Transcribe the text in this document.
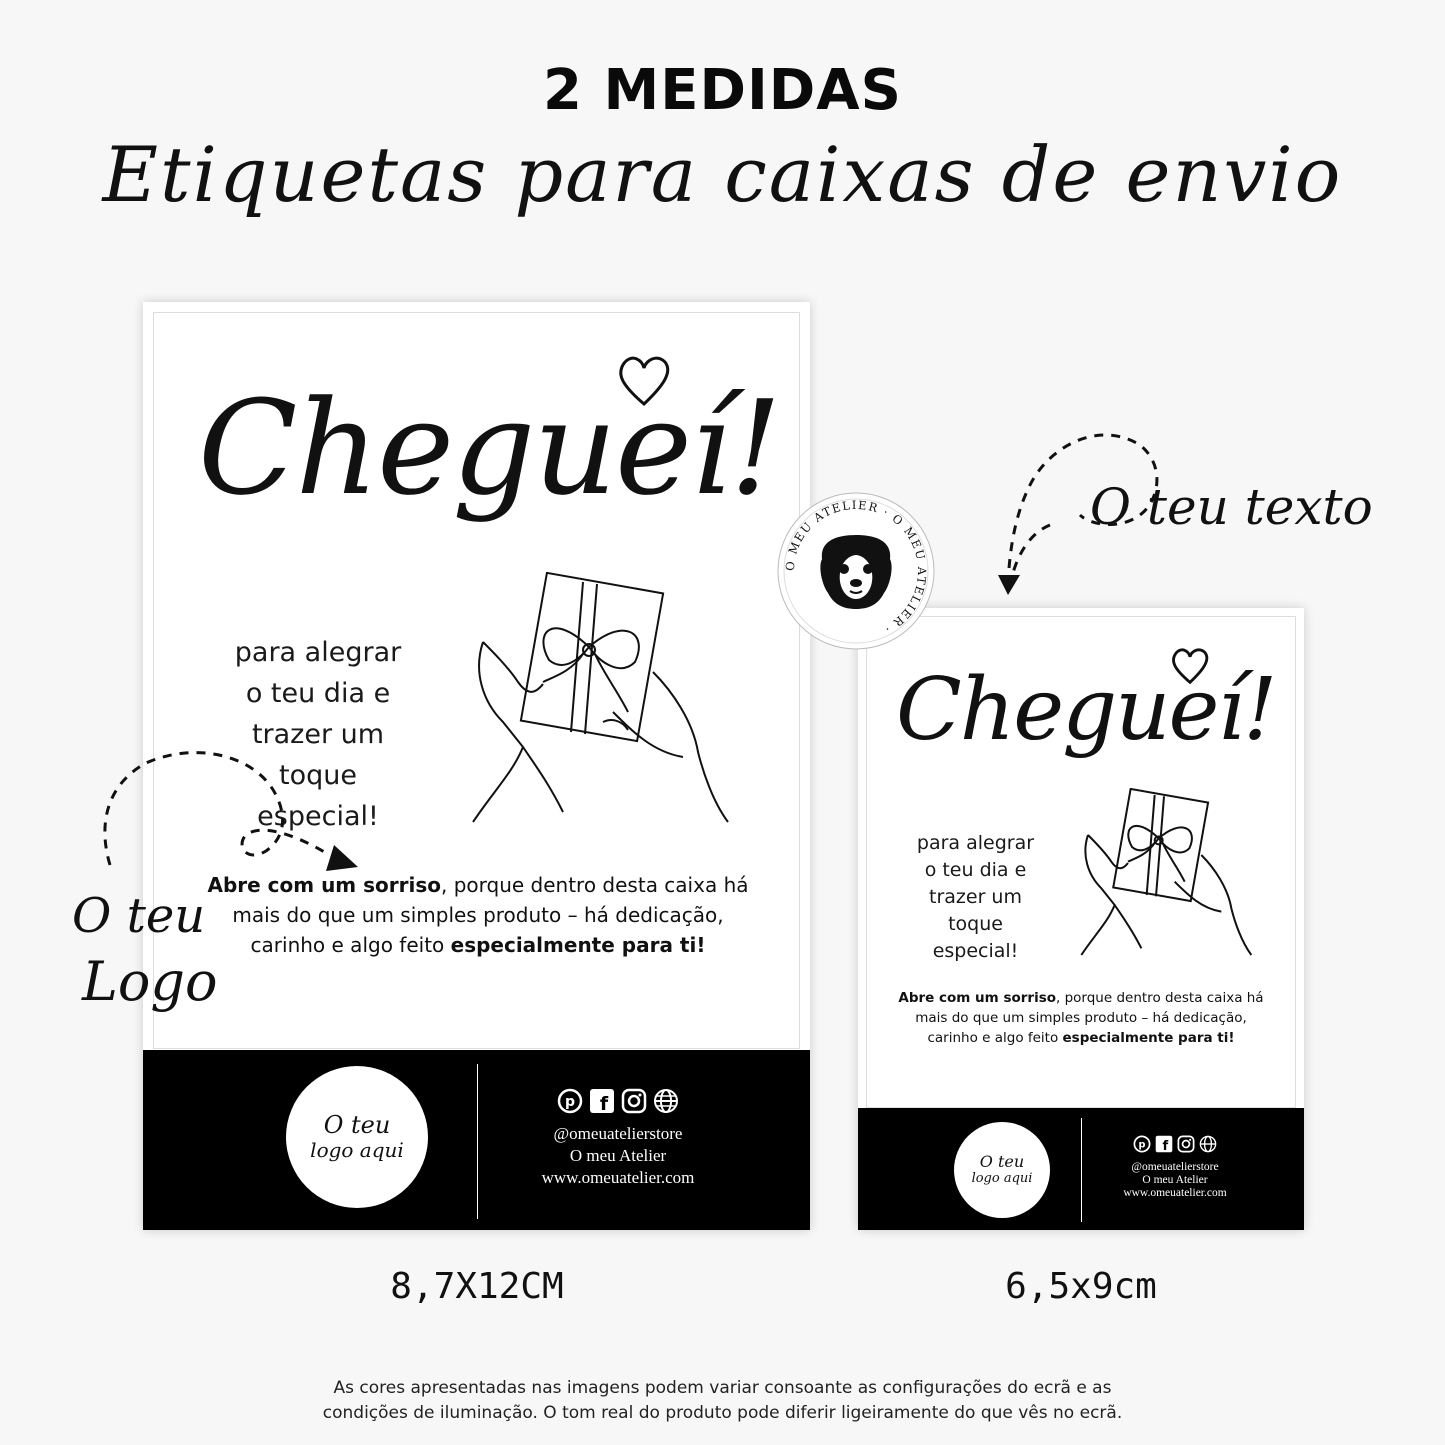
2 MEDIDAS
Etiquetas para caixas de envio
Chegueí!
para alegrar
o teu dia e
trazer um
toque
especial!
Abre com um sorriso, porque dentro desta caixa há mais do que um simples produto – há dedicação, carinho e algo feito especialmente para ti!
O teu
logo aqui
p f
@omeuatelierstore
O meu Atelier
www.omeuatelier.com
Chegueí!
para alegrar
o teu dia e
trazer um
toque
especial!
Abre com um sorriso, porque dentro desta caixa há mais do que um simples produto – há dedicação, carinho e algo feito especialmente para ti!
O teu
logo aqui
p f
@omeuatelierstore
O meu Atelier
www.omeuatelier.com
O MEU ATELIER · O MEU ATELIER ·
O teu texto
O teu
Logo
8,7X12CM	6,5x9cm
As cores apresentadas nas imagens podem variar consoante as configurações do ecrã e as
condições de iluminação. O tom real do produto pode diferir ligeiramente do que vês no ecrã.
